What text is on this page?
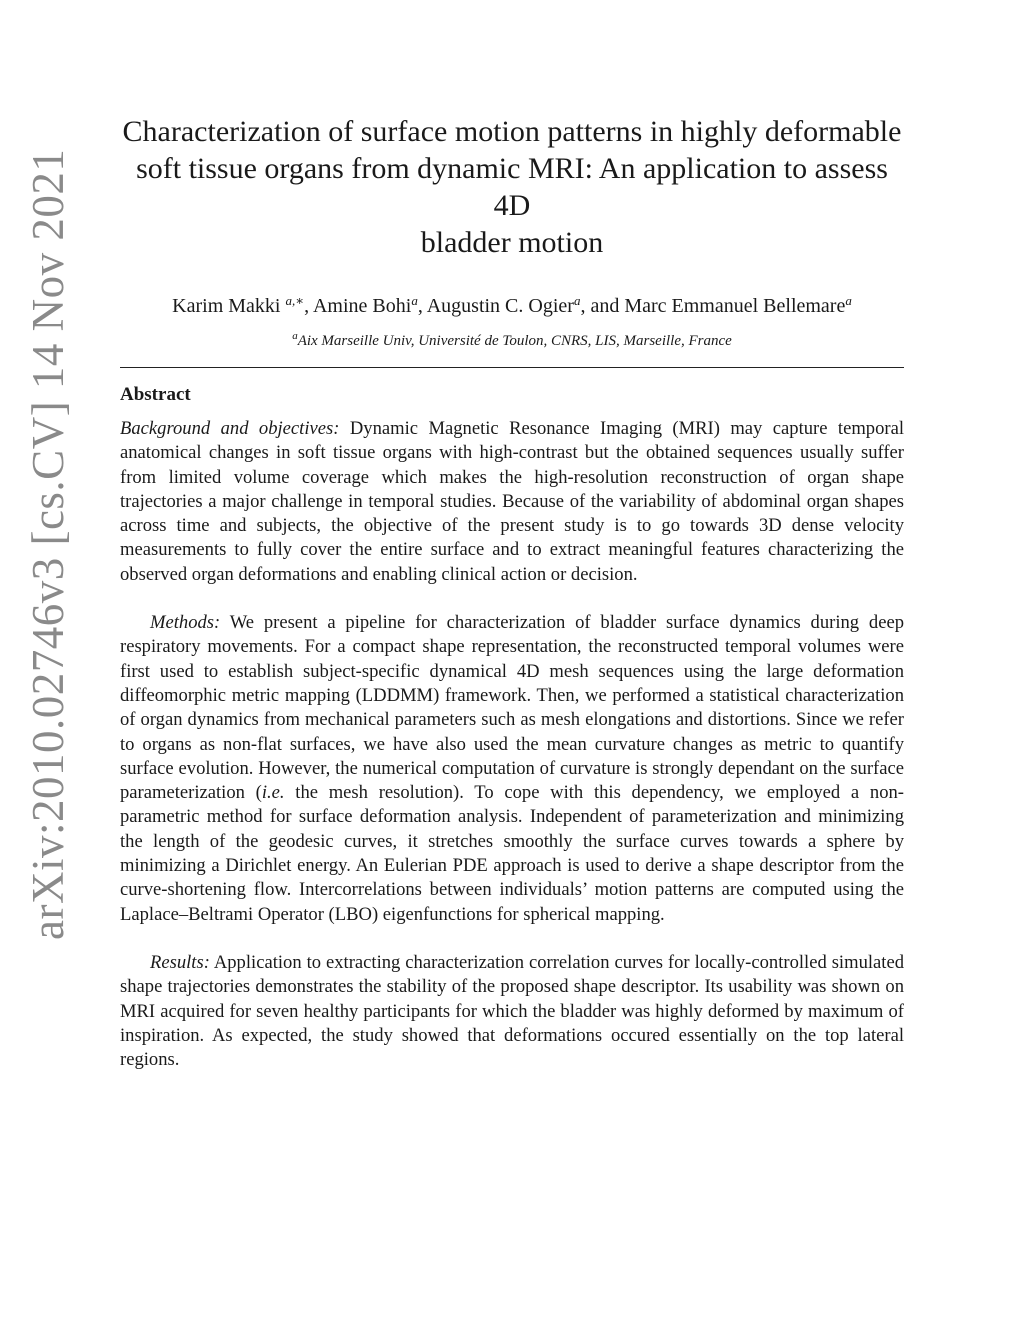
arXiv:2010.02746v3 [cs.CV] 14 Nov 2021
Characterization of surface motion patterns in highly deformable
soft tissue organs from dynamic MRI: An application to assess 4D
bladder motion
Karim Makki $^{a,∗}$, Amine Bohi$^a$, Augustin C. Ogier$^a$, and Marc Emmanuel Bellemare$^a$
$^a$Aix Marseille Univ, Université de Toulon, CNRS, LIS, Marseille, France
Abstract

Background and objectives: Dynamic Magnetic Resonance Imaging (MRI) may capture temporal anatomical changes in soft tissue organs with high-contrast but the obtained sequences usually suffer from limited volume coverage which makes the high-resolution reconstruction of organ shape trajectories a major challenge in temporal studies. Because of the variability of abdominal organ shapes across time and subjects, the objective of the present study is to go towards 3D dense velocity measurements to fully cover the entire surface and to extract meaningful features characterizing the observed organ deformations and enabling clinical action or decision.

Methods: We present a pipeline for characterization of bladder surface dynamics during deep respiratory movements. For a compact shape representation, the reconstructed temporal volumes were first used to establish subject-specific dynamical 4D mesh sequences using the large deformation diffeomorphic metric mapping (LDDMM) framework. Then, we performed a statistical characterization of organ dynamics from mechanical parameters such as mesh elongations and distortions. Since we refer to organs as non-flat surfaces, we have also used the mean curvature changes as metric to quantify surface evolution. However, the numerical computation of curvature is strongly dependant on the surface parameterization (i.e. the mesh resolution). To cope with this dependency, we employed a non-parametric method for surface deformation analysis. Independent of parameterization and minimizing the length of the geodesic curves, it stretches smoothly the surface curves towards a sphere by minimizing a Dirichlet energy. An Eulerian PDE approach is used to derive a shape descriptor from the curve-shortening flow. Intercorrelations between individuals’ motion patterns are computed using the Laplace–Beltrami Operator (LBO) eigenfunctions for spherical mapping.

Results: Application to extracting characterization correlation curves for locally-controlled simulated shape trajectories demonstrates the stability of the proposed shape descriptor. Its usability was shown on MRI acquired for seven healthy participants for which the bladder was highly deformed by maximum of inspiration. As expected, the study showed that deformations occured essentially on the top lateral regions.
